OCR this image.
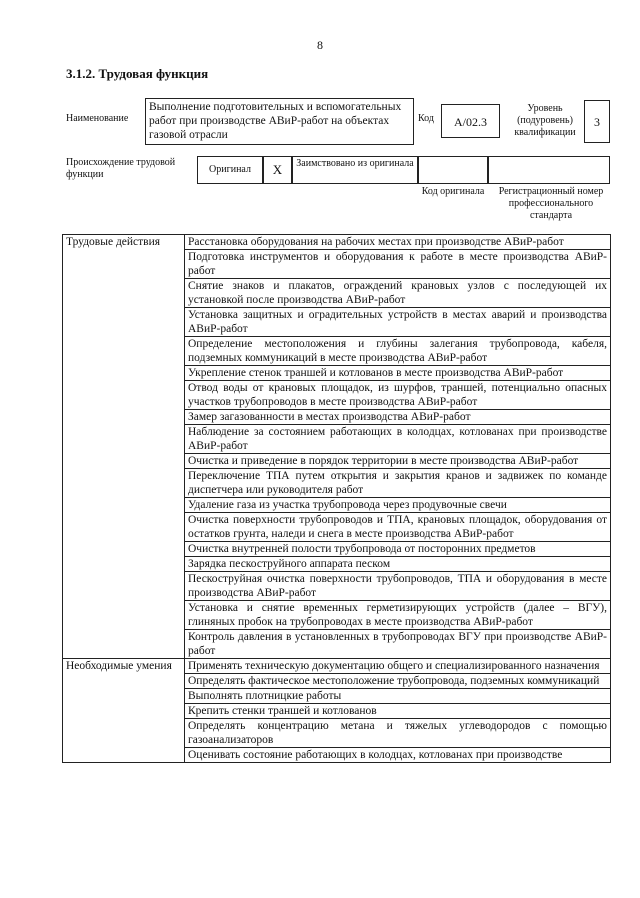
8
3.1.2. Трудовая функция
Наименование
Выполнение подготовительных и вспомогательных работ при производстве АВиР-работ на объектах газовой отрасли
Код	А/02.3
Уровень (подуровень) квалификации
3
Происхождение трудовой функции	Оригинал	X	Заимствовано из оригинала
Код оригинала	Регистрационный номер профессионального стандарта
Трудовые действия	Расстановка оборудования на рабочих местах при производстве АВиР-работ
	Подготовка инструментов и оборудования к работе в месте производства АВиР-работ
	Снятие знаков и плакатов, ограждений крановых узлов с последующей их установкой после производства АВиР-работ
	Установка защитных и оградительных устройств в местах аварий и производства АВиР-работ
	Определение местоположения и глубины залегания трубопровода, кабеля, подземных коммуникаций в месте производства АВиР-работ
	Укрепление стенок траншей и котлованов в месте производства АВиР-работ
	Отвод воды от крановых площадок, из шурфов, траншей, потенциально опасных участков трубопроводов в месте производства АВиР-работ
	Замер загазованности в местах производства АВиР-работ
	Наблюдение за состоянием работающих в колодцах, котлованах при производстве АВиР-работ
	Очистка и приведение в порядок территории в месте производства АВиР-работ
	Переключение ТПА путем открытия и закрытия кранов и задвижек по команде диспетчера или руководителя работ
	Удаление газа из участка трубопровода через продувочные свечи
	Очистка поверхности трубопроводов и ТПА, крановых площадок, оборудования от остатков грунта, наледи и снега в месте производства АВиР-работ
	Очистка внутренней полости трубопровода от посторонних предметов
	Зарядка пескоструйного аппарата песком
	Пескоструйная очистка поверхности трубопроводов, ТПА и оборудования в месте производства АВиР-работ
	Установка и снятие временных герметизирующих устройств (далее – ВГУ), глиняных пробок на трубопроводах в месте производства АВиР-работ
	Контроль давления в установленных в трубопроводах ВГУ при производстве АВиР-работ
Необходимые умения	Применять техническую документацию общего и специализированного назначения
	Определять фактическое местоположение трубопровода, подземных коммуникаций
	Выполнять плотницкие работы
	Крепить стенки траншей и котлованов
	Определять концентрацию метана и тяжелых углеводородов с помощью газоанализаторов
	Оценивать состояние работающих в колодцах, котлованах при производстве
